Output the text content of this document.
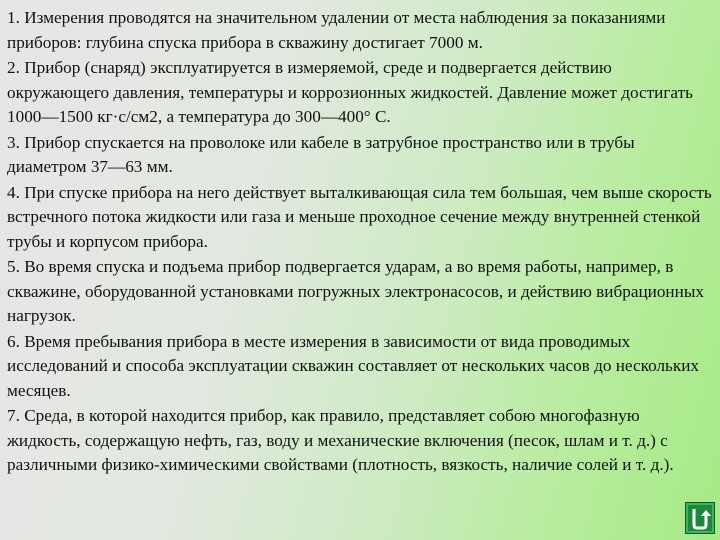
1. Измерения проводятся на значительном удалении от места наблюдения за показаниями приборов: глубина спуска прибора в скважину достигает 7000 м.

2. Прибор (снаряд) эксплуатируется в измеряемой, среде и подвергается действию окружающего давления, температуры и коррозионных жидкостей. Давление может достигать 1000—1500 кг·с/см2, а температура до 300—400° С.

3. Прибор спускается на проволоке или кабеле в затрубное пространство или в трубы диаметром 37—63 мм.

4. При спуске прибора на него действует выталкивающая сила тем большая, чем выше скорость встречного потока жидкости или газа и меньше проходное сечение между внутренней стенкой трубы и корпусом прибора.

5. Во время спуска и подъема прибор подвергается ударам, а во время работы, например, в скважине, оборудованной установками погружных электронасосов, и действию вибрационных нагрузок.

6. Время пребывания прибора в месте измерения в зависимости от вида проводимых исследований и способа эксплуатации скважин составляет от нескольких часов до нескольких месяцев.

7. Среда, в которой находится прибор, как правило, представляет собою многофазную жидкость, содержащую нефть, газ, воду и механические включения (песок, шлам и т. д.) с различными физико-химическими свойствами (плотность, вязкость, наличие солей и т. д.).
